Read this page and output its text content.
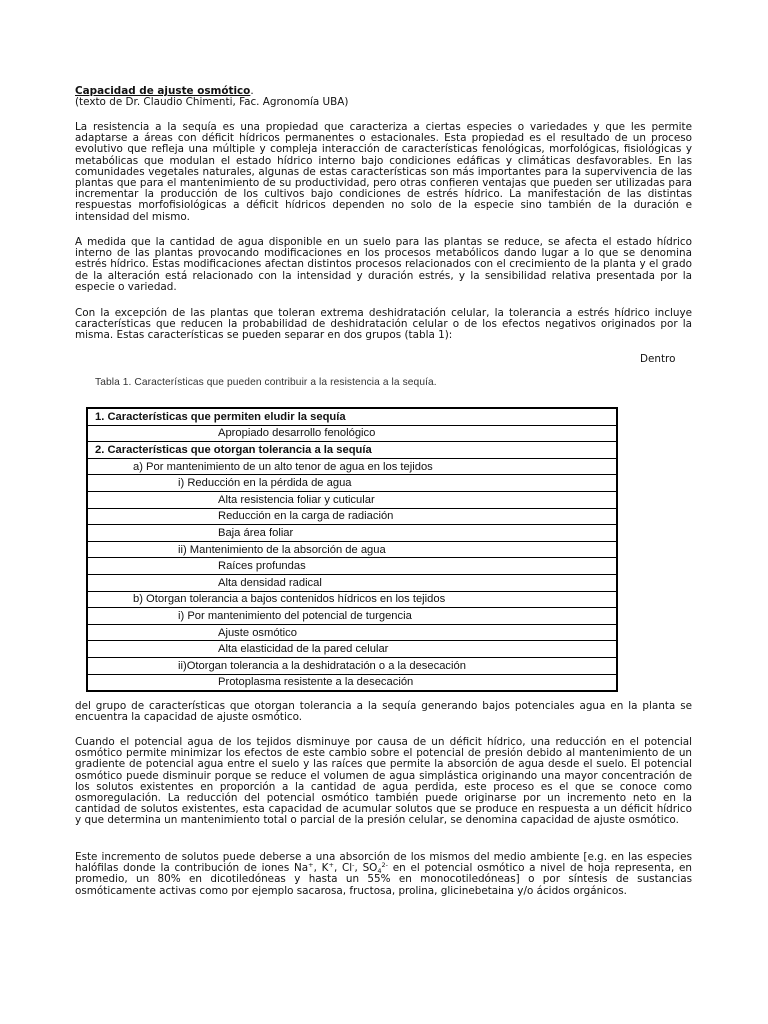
Capacidad de ajuste osmótico.
(texto de Dr. Claudio Chimenti, Fac. Agronomía UBA)

La resistencia a la sequía es una propiedad que caracteriza a ciertas especies o variedades y que les permite adaptarse a áreas con déficit hídricos permanentes o estacionales. Esta propiedad es el resultado de un proceso evolutivo que refleja una múltiple y compleja interacción de características fenológicas, morfológicas, fisiológicas y metabólicas que modulan el estado hídrico interno bajo condiciones edáficas y climáticas desfavorables. En las comunidades vegetales naturales, algunas de estas características son más importantes para la supervivencia de las plantas que para el mantenimiento de su productividad, pero otras confieren ventajas que pueden ser utilizadas para incrementar la producción de los cultivos bajo condiciones de estrés hídrico. La manifestación de las distintas respuestas morfofisiológicas a déficit hídricos dependen no solo de la especie sino también de la duración e intensidad del mismo.

A medida que la cantidad de agua disponible en un suelo para las plantas se reduce, se afecta el estado hídrico interno de las plantas provocando modificaciones en los procesos metabólicos dando lugar a lo que se denomina estrés hídrico. Estas modificaciones afectan distintos procesos relacionados con el crecimiento de la planta y el grado de la alteración está relacionado con la intensidad y duración estrés, y la sensibilidad relativa presentada por la especie o variedad.

Con la excepción de las plantas que toleran extrema deshidratación celular, la tolerancia a estrés hídrico incluye características que reducen la probabilidad de deshidratación celular o de los efectos negativos originados por la misma. Estas características se pueden separar en dos grupos (tabla 1):

Dentro

Tabla 1. Características que pueden contribuir a la resistencia a la sequía.

1. Características que permiten eludir la sequía
Apropiado desarrollo fenológico
2. Características que otorgan tolerancia a la sequía
a) Por mantenimiento de un alto tenor de agua en los tejidos
i) Reducción en la pérdida de agua
Alta resistencia foliar y cuticular
Reducción en la carga de radiación
Baja área foliar
ii) Mantenimiento de la absorción de agua
Raíces profundas
Alta densidad radical
b) Otorgan tolerancia a bajos contenidos hídricos en los tejidos
i) Por mantenimiento del potencial de turgencia
Ajuste osmótico
Alta elasticidad de la pared celular
ii)Otorgan tolerancia a la deshidratación o a la desecación
Protoplasma resistente a la desecación

del grupo de características que otorgan tolerancia a la sequía generando bajos potenciales agua en la planta se encuentra la capacidad de ajuste osmótico.

Cuando el potencial agua de los tejidos disminuye por causa de un déficit hídrico, una reducción en el potencial osmótico permite minimizar los efectos de este cambio sobre el potencial de presión debido al mantenimiento de un gradiente de potencial agua entre el suelo y las raíces que permite la absorción de agua desde el suelo. El potencial osmótico puede disminuir porque se reduce el volumen de agua simplástica originando una mayor concentración de los solutos existentes en proporción a la cantidad de agua perdida, este proceso es el que se conoce como osmoregulación. La reducción del potencial osmótico también puede originarse por un incremento neto en la cantidad de solutos existentes, esta capacidad de acumular solutos que se produce en respuesta a un déficit hídrico y que determina un mantenimiento total o parcial de la presión celular, se denomina capacidad de ajuste osmótico.

Este incremento de solutos puede deberse a una absorción de los mismos del medio ambiente [e.g. en las especies halófilas donde la contribución de iones Na+, K+, Cl-, $SO_4^{2-}$ en el potencial osmótico a nivel de hoja representa, en promedio, un 80% en dicotiledóneas y hasta un 55% en monocotiledóneas] o por síntesis de sustancias osmóticamente activas como por ejemplo sacarosa, fructosa, prolina, glicinebetaina y/o ácidos orgánicos.
